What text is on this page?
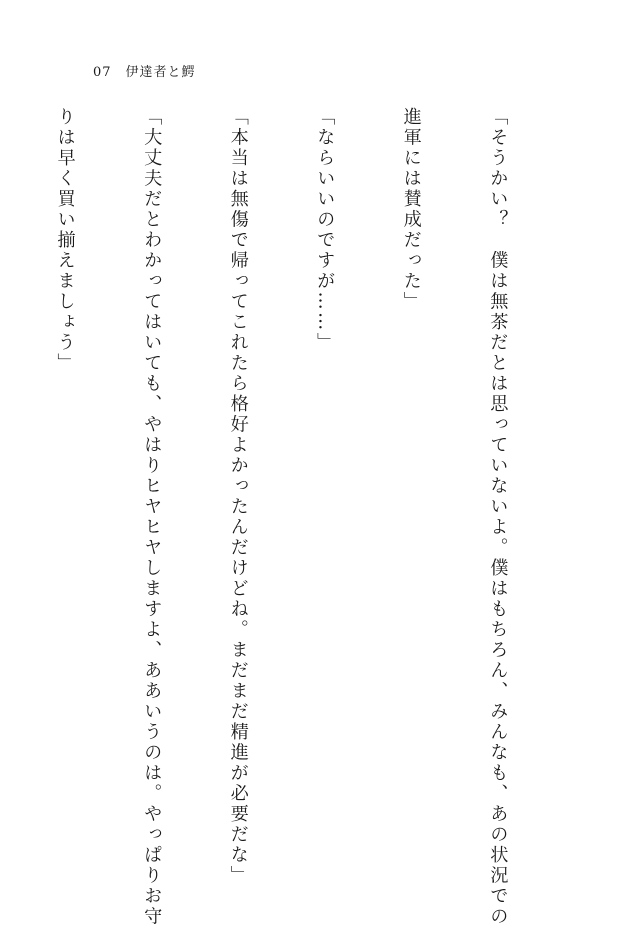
07 伊達者と鰐

「そうかい？　僕は無茶だとは思っていないよ。僕はもちろん、みんなも、あの状況での

進軍には賛成だった」

「ならいいのですが……」

「本当は無傷で帰ってこれたら格好よかったんだけどね。まだまだ精進が必要だな」

「大丈夫だとわかってはいても、やはりヒヤヒヤしますよ、ああいうのは。やっぱりお守

りは早く買い揃えましょう」
